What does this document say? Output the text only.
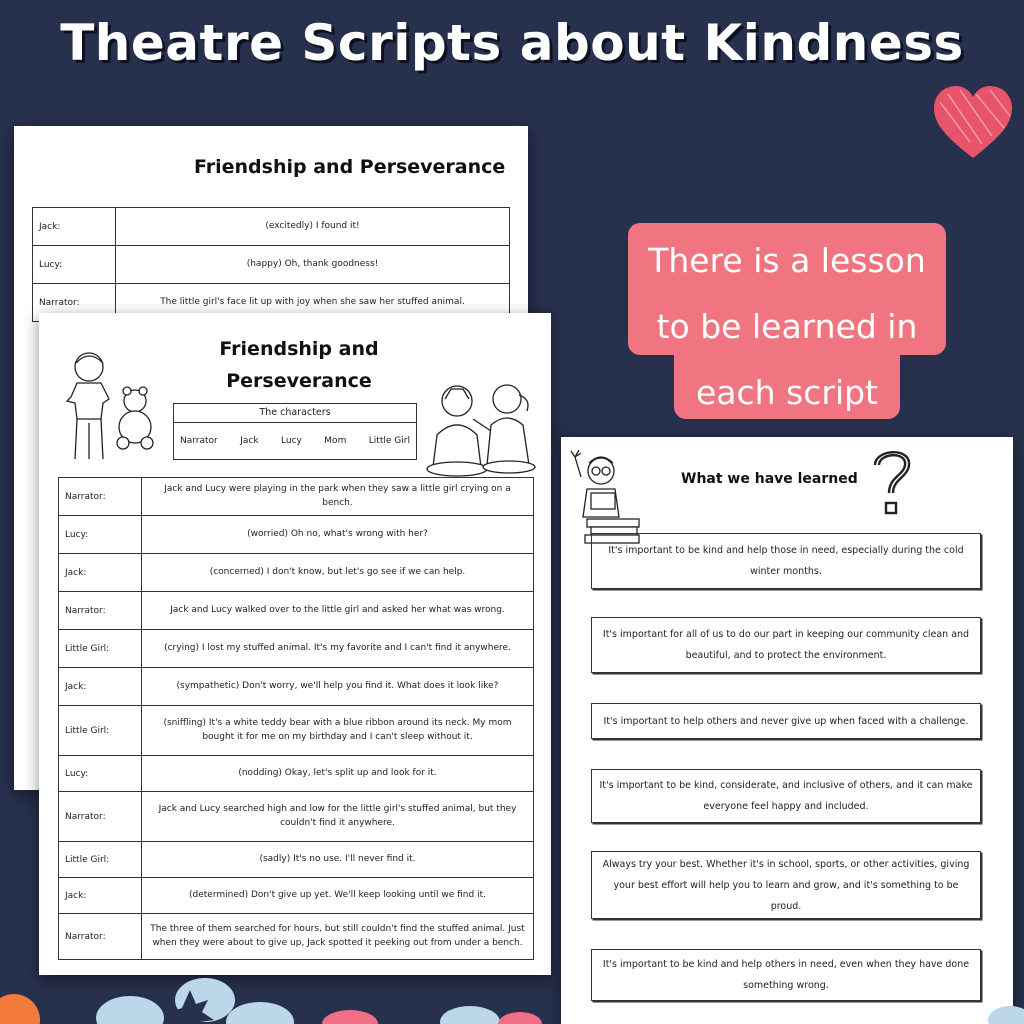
Theatre Scripts about Kindness
Friendship and Perseverance
Jack:	(excitedly) I found it!
Lucy:	(happy) Oh, thank goodness!
Narrator:	The little girl's face lit up with joy when she saw her stuffed animal.
Friendship and
Perseverance
The characters
Narrator Jack Lucy Mom Little Girl
Narrator:	Jack and Lucy were playing in the park when they saw a little girl crying on a bench.
Lucy:	(worried) Oh no, what's wrong with her?
Jack:	(concerned) I don't know, but let's go see if we can help.
Narrator:	Jack and Lucy walked over to the little girl and asked her what was wrong.
Little Girl:	(crying) I lost my stuffed animal. It's my favorite and I can't find it anywhere.
Jack:	(sympathetic) Don't worry, we'll help you find it. What does it look like?
Little Girl:	(sniffling) It's a white teddy bear with a blue ribbon around its neck. My mom bought it for me on my birthday and I can't sleep without it.
Lucy:	(nodding) Okay, let's split up and look for it.
Narrator:	Jack and Lucy searched high and low for the little girl's stuffed animal, but they couldn't find it anywhere.
Little Girl:	(sadly) It's no use. I'll never find it.
Jack:	(determined) Don't give up yet. We'll keep looking until we find it.
Narrator:	The three of them searched for hours, but still couldn't find the stuffed animal. Just when they were about to give up, Jack spotted it peeking out from under a bench.
There is a lesson
to be learned in
each script
What we have learned
It's important to be kind and help those in need, especially during the cold winter months.
It's important for all of us to do our part in keeping our community clean and beautiful, and to protect the environment.
It's important to help others and never give up when faced with a challenge.
It's important to be kind, considerate, and inclusive of others, and it can make everyone feel happy and included.
Always try your best. Whether it's in school, sports, or other activities, giving your best effort will help you to learn and grow, and it's something to be proud.
It's important to be kind and help others in need, even when they have done something wrong.
